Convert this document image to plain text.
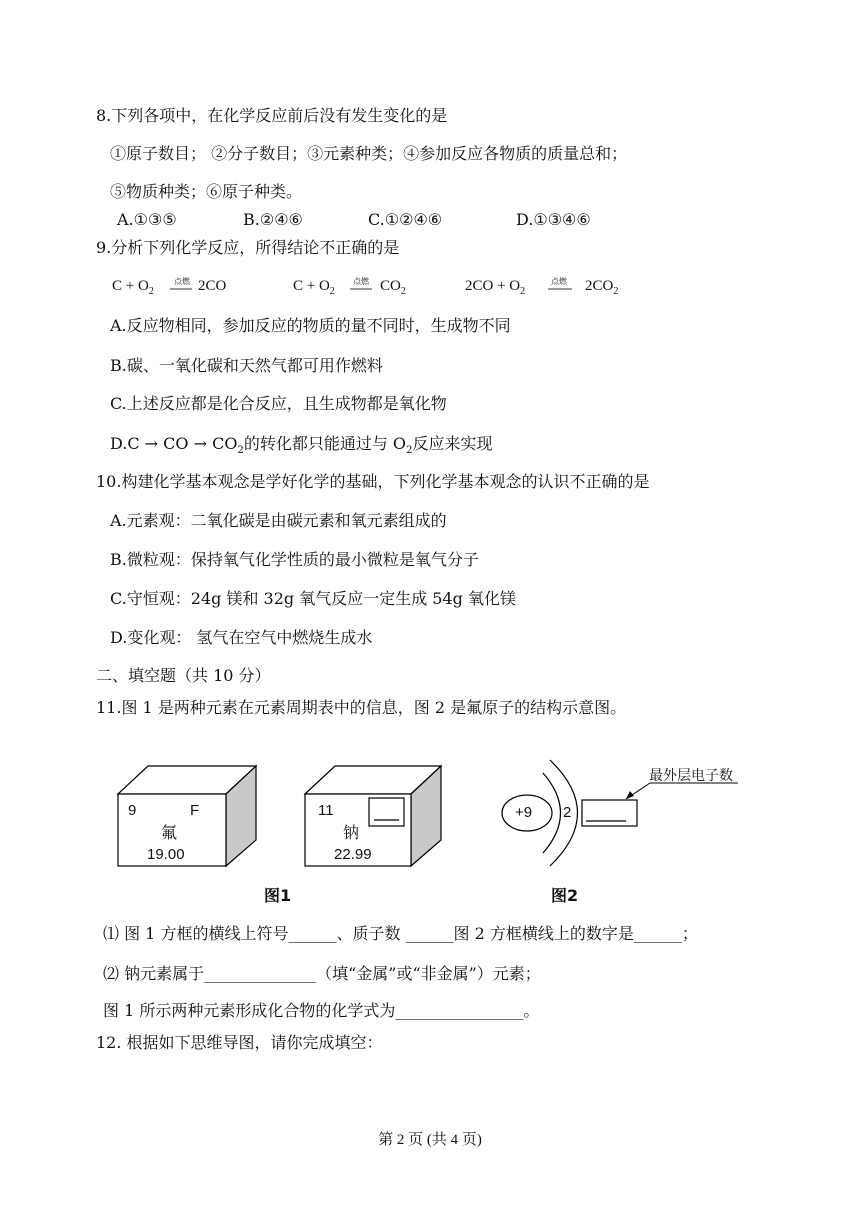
8.下列各项中，在化学反应前后没有发生变化的是
①原子数目； ②分子数目；③元素种类；④参加反应各物质的质量总和；
⑤物质种类；⑥原子种类。
A.①③⑤	B.②④⑥	C.①②④⑥	D.①③④⑥
9.分析下列化学反应，所得结论不正确的是
$C + O_2$
点燃 2CO	$C + O_2$
点燃 $CO_2$	$2CO + O_2$
点燃 $2CO_2$
A.反应物相同，参加反应的物质的量不同时，生成物不同
B.碳、一氧化碳和天然气都可用作燃料
C.上述反应都是化合反应，且生成物都是氧化物
D.C → CO → $CO_2$的转化都只能通过与 $O_2$反应来实现
10.构建化学基本观念是学好化学的基础，下列化学基本观念的认识不正确的是
A.元素观：二氧化碳是由碳元素和氧元素组成的
B.微粒观：保持氧气化学性质的最小微粒是氧气分子
C.守恒观：24g 镁和 32g 氧气反应一定生成 54g 氧化镁
D.变化观： 氢气在空气中燃烧生成水
二、填空题（共 10 分）
11.图 1 是两种元素在元素周期表中的信息，图 2 是氟原子的结构示意图。
9	F
氟
19.00
11
钠
22.99
+9 2
最外层电子数
图1	图2
⑴ 图 1 方框的横线上符号______、质子数 ______图 2 方框横线上的数字是______；
⑵ 钠元素属于______________（填“金属”或“非金属”）元素；
图 1 所示两种元素形成化合物的化学式为________________。
12. 根据如下思维导图，请你完成填空：
第 2 页 (共 4 页)
